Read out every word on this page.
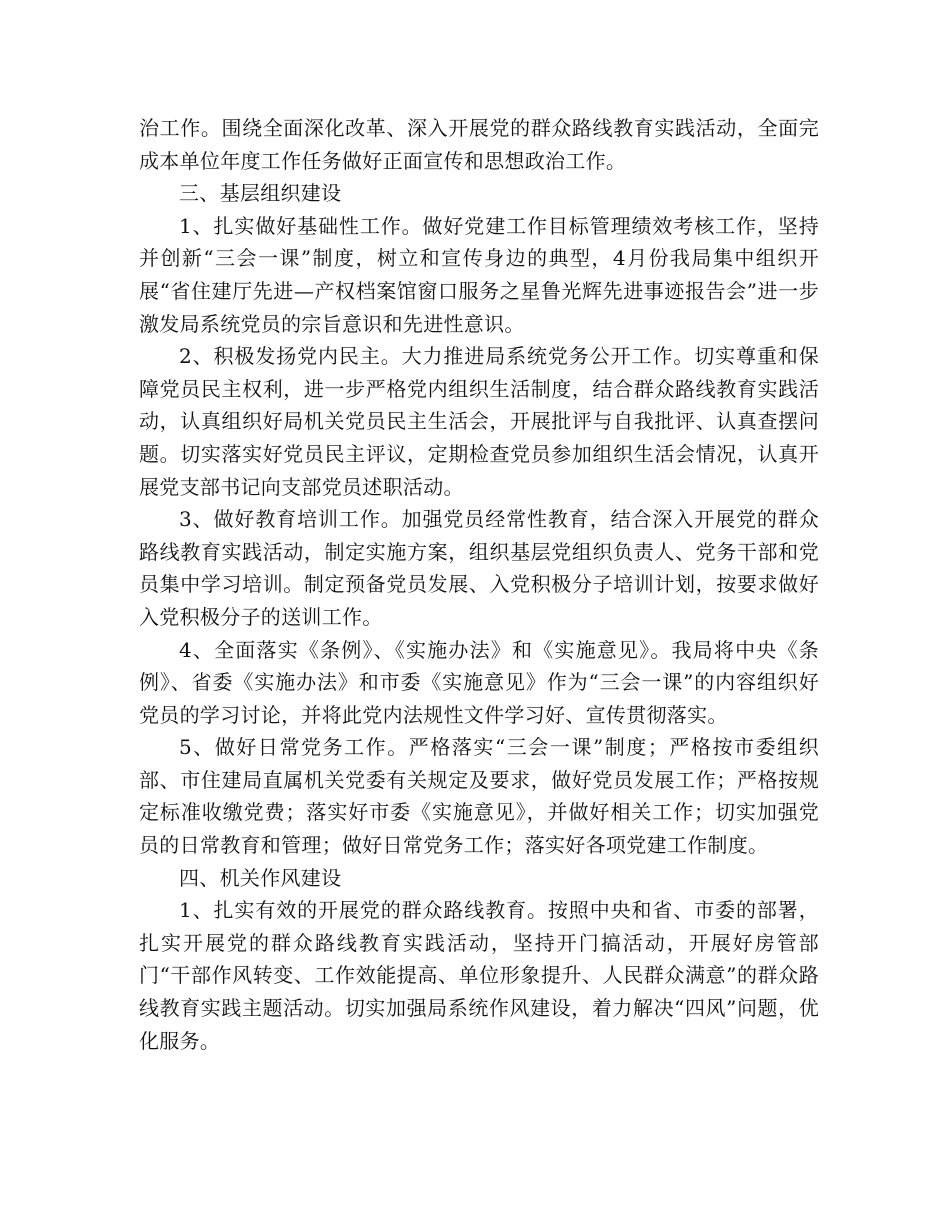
治工作。围绕全面深化改革、深入开展党的群众路线教育实践活动，全面完成本单位年度工作任务做好正面宣传和思想政治工作。

三、基层组织建设

1、扎实做好基础性工作。做好党建工作目标管理绩效考核工作，坚持并创新“三会一课”制度，树立和宣传身边的典型，4月份我局集中组织开展“省住建厅先进—产权档案馆窗口服务之星鲁光辉先进事迹报告会”进一步激发局系统党员的宗旨意识和先进性意识。

2、积极发扬党内民主。大力推进局系统党务公开工作。切实尊重和保障党员民主权利，进一步严格党内组织生活制度，结合群众路线教育实践活动，认真组织好局机关党员民主生活会，开展批评与自我批评、认真查摆问题。切实落实好党员民主评议，定期检查党员参加组织生活会情况，认真开展党支部书记向支部党员述职活动。

3、做好教育培训工作。加强党员经常性教育，结合深入开展党的群众路线教育实践活动，制定实施方案，组织基层党组织负责人、党务干部和党员集中学习培训。制定预备党员发展、入党积极分子培训计划，按要求做好入党积极分子的送训工作。

4、全面落实《条例》、《实施办法》和《实施意见》。我局将中央《条例》、省委《实施办法》和市委《实施意见》作为“三会一课”的内容组织好党员的学习讨论，并将此党内法规性文件学习好、宣传贯彻落实。

5、做好日常党务工作。严格落实“三会一课”制度；严格按市委组织部、市住建局直属机关党委有关规定及要求，做好党员发展工作；严格按规定标准收缴党费；落实好市委《实施意见》，并做好相关工作；切实加强党员的日常教育和管理；做好日常党务工作；落实好各项党建工作制度。

四、机关作风建设

1、扎实有效的开展党的群众路线教育。按照中央和省、市委的部署，扎实开展党的群众路线教育实践活动，坚持开门搞活动，开展好房管部门“干部作风转变、工作效能提高、单位形象提升、人民群众满意”的群众路线教育实践主题活动。切实加强局系统作风建设，着力解决“四风”问题，优化服务。
